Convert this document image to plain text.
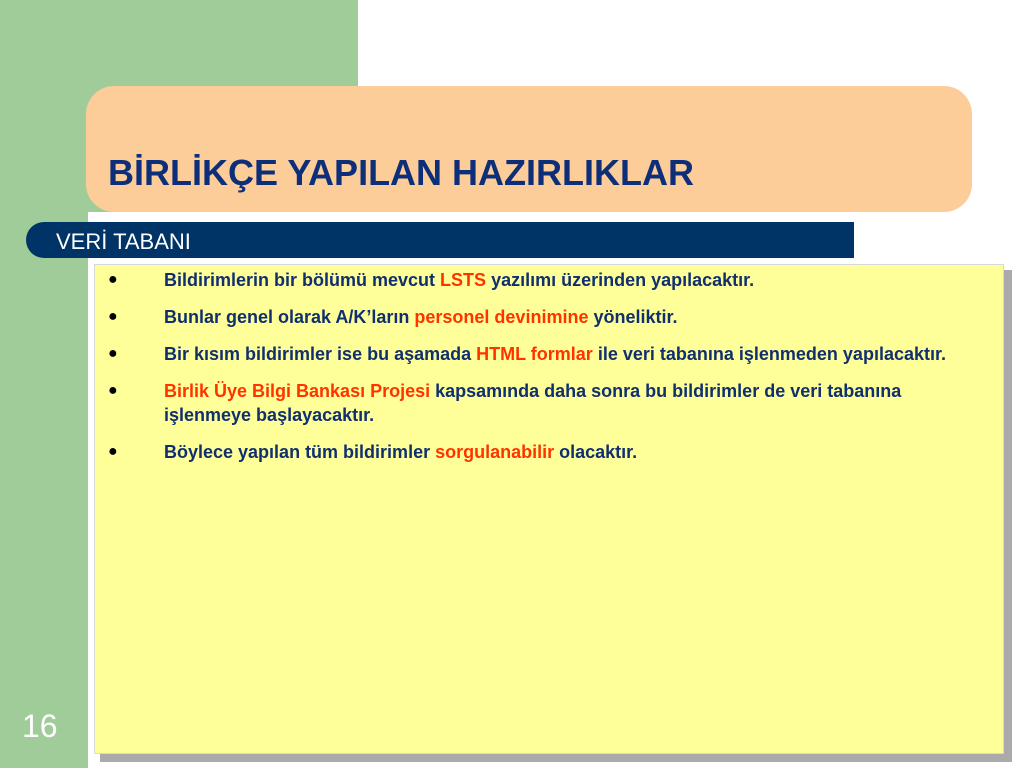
BİRLİKÇE YAPILAN HAZIRLIKLAR
VERİ TABANI
●	Bildirimlerin bir bölümü mevcut LSTS yazılımı üzerinden yapılacaktır.
●	Bunlar genel olarak A/K’ların personel devinimine yöneliktir.
●	Bir kısım bildirimler ise bu aşamada HTML formlar ile veri tabanına işlenmeden yapılacaktır.
●	Birlik Üye Bilgi Bankası Projesi kapsamında daha sonra bu bildirimler de veri tabanına işlenmeye başlayacaktır.
●	Böylece yapılan tüm bildirimler sorgulanabilir olacaktır.
16
